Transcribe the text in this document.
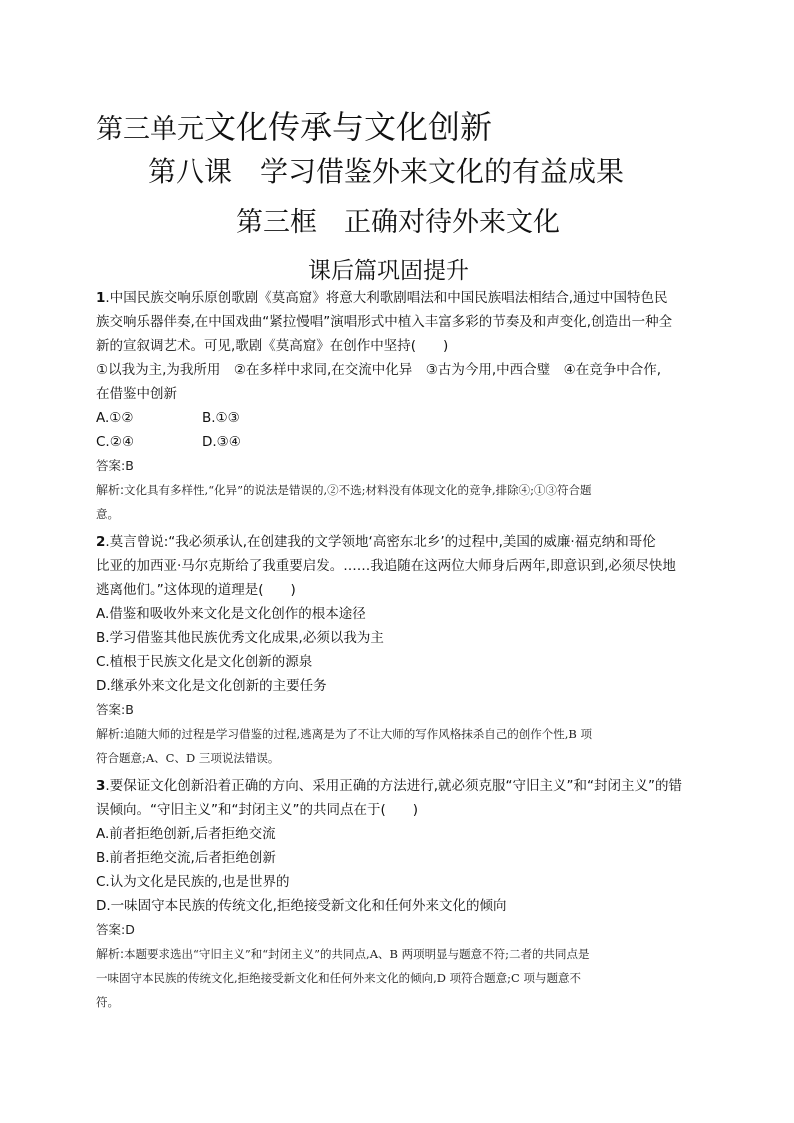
第三单元文化传承与文化创新
第八课　学习借鉴外来文化的有益成果
第三框　正确对待外来文化
课后篇巩固提升
1.中国民族交响乐原创歌剧《莫高窟》将意大利歌剧唱法和中国民族唱法相结合,通过中国特色民
族交响乐器伴奏,在中国戏曲“紧拉慢唱”演唱形式中植入丰富多彩的节奏及和声变化,创造出一种全
新的宣叙调艺术。可见,歌剧《莫高窟》在创作中坚持(　　)
①以我为主,为我所用　②在多样中求同,在交流中化异　③古为今用,中西合璧　④在竞争中合作,
在借鉴中创新
A.①②	B.①③
C.②④	D.③④
答案:B
解析:文化具有多样性,“化异”的说法是错误的,②不选;材料没有体现文化的竞争,排除④;①③符合题
意。
2.莫言曾说:“我必须承认,在创建我的文学领地‘高密东北乡’的过程中,美国的威廉·福克纳和哥伦
比亚的加西亚·马尔克斯给了我重要启发。……我追随在这两位大师身后两年,即意识到,必须尽快地
逃离他们。”这体现的道理是(　　)
A.借鉴和吸收外来文化是文化创作的根本途径
B.学习借鉴其他民族优秀文化成果,必须以我为主
C.植根于民族文化是文化创新的源泉
D.继承外来文化是文化创新的主要任务
答案:B
解析:追随大师的过程是学习借鉴的过程,逃离是为了不让大师的写作风格抹杀自己的创作个性,B 项
符合题意;A、C、D 三项说法错误。
3.要保证文化创新沿着正确的方向、采用正确的方法进行,就必须克服“守旧主义”和“封闭主义”的错
误倾向。“守旧主义”和“封闭主义”的共同点在于(　　)
A.前者拒绝创新,后者拒绝交流
B.前者拒绝交流,后者拒绝创新
C.认为文化是民族的,也是世界的
D.一味固守本民族的传统文化,拒绝接受新文化和任何外来文化的倾向
答案:D
解析:本题要求选出“守旧主义”和“封闭主义”的共同点,A、B 两项明显与题意不符;二者的共同点是
一味固守本民族的传统文化,拒绝接受新文化和任何外来文化的倾向,D 项符合题意;C 项与题意不
符。
